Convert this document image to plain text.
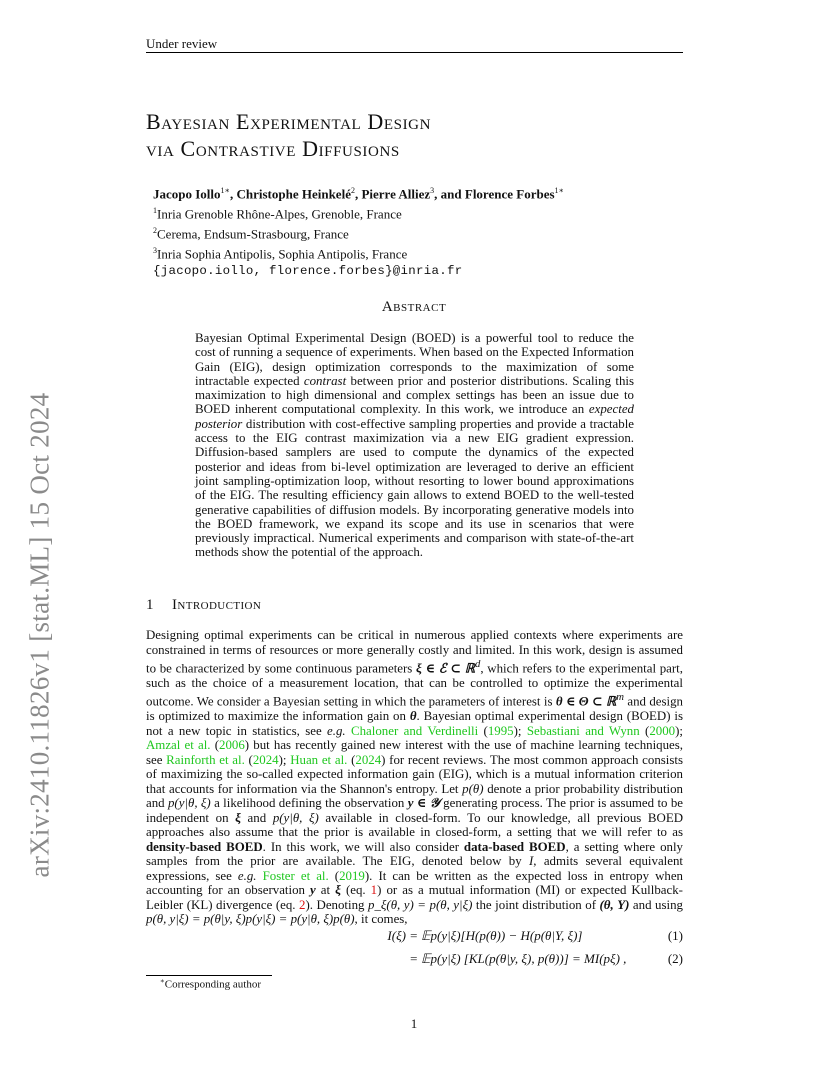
Under review
arXiv:2410.11826v1 [stat.ML] 15 Oct 2024
Bayesian Experimental Design
via Contrastive Diffusions
Jacopo Iollo$^{1∗}$, Christophe Heinkelé$^2$, Pierre Alliez$^3$, and Florence Forbes$^{1∗}$
$^1$Inria Grenoble Rhône-Alpes, Grenoble, France
$^2$Cerema, Endsum-Strasbourg, France
$^3$Inria Sophia Antipolis, Sophia Antipolis, France
{jacopo.iollo, florence.forbes}@inria.fr
Abstract
Bayesian Optimal Experimental Design (BOED) is a powerful tool to reduce the cost of running a sequence of experiments. When based on the Expected Information Gain (EIG), design optimization corresponds to the maximization of some intractable expected contrast between prior and posterior distributions. Scaling this maximization to high dimensional and complex settings has been an issue due to BOED inherent computational complexity. In this work, we introduce an expected posterior distribution with cost-effective sampling properties and provide a tractable access to the EIG contrast maximization via a new EIG gradient expression. Diffusion-based samplers are used to compute the dynamics of the expected posterior and ideas from bi-level optimization are leveraged to derive an efficient joint sampling-optimization loop, without resorting to lower bound approximations of the EIG. The resulting efficiency gain allows to extend BOED to the well-tested generative capabilities of diffusion models. By incorporating generative models into the BOED framework, we expand its scope and its use in scenarios that were previously impractical. Numerical experiments and comparison with state-of-the-art methods show the potential of the approach.
1 Introduction
Designing optimal experiments can be critical in numerous applied contexts where experiments are constrained in terms of resources or more generally costly and limited. In this work, design is assumed to be characterized by some continuous parameters ξ ∈ ℰ ⊂ ℝ$^d$, which refers to the experimental part, such as the choice of a measurement location, that can be controlled to optimize the experimental outcome. We consider a Bayesian setting in which the parameters of interest is θ ∈ Θ ⊂ ℝ$^m$ and design is optimized to maximize the information gain on θ. Bayesian optimal experimental design (BOED) is not a new topic in statistics, see e.g. Chaloner and Verdinelli (1995); Sebastiani and Wynn (2000); Amzal et al. (2006) but has recently gained new interest with the use of machine learning techniques, see Rainforth et al. (2024); Huan et al. (2024) for recent reviews. The most common approach consists of maximizing the so-called expected information gain (EIG), which is a mutual information criterion that accounts for information via the Shannon's entropy. Let p(θ) denote a prior probability distribution and p(y|θ, ξ) a likelihood defining the observation y ∈ 𝒴 generating process. The prior is assumed to be independent on ξ and p(y|θ, ξ) available in closed-form. To our knowledge, all previous BOED approaches also assume that the prior is available in closed-form, a setting that we will refer to as density-based BOED. In this work, we will also consider data-based BOED, a setting where only samples from the prior are available. The EIG, denoted below by I, admits several equivalent expressions, see e.g. Foster et al. (2019). It can be written as the expected loss in entropy when accounting for an observation y at ξ (eq. 1) or as a mutual information (MI) or expected Kullback-Leibler (KL) divergence (eq. 2). Denoting p_ξ(θ, y) = p(θ, y|ξ) the joint distribution of (θ, Y) and using p(θ, y|ξ) = p(θ|y, ξ)p(y|ξ) = p(y|θ, ξ)p(θ), it comes,
I(ξ) = 𝔼p(y|ξ)[H(p(θ)) − H(p(θ|Y, ξ)]	(1)
= 𝔼p(y|ξ) [KL(p(θ|y, ξ), p(θ))] = MI(pξ) ,	(2)
∗Corresponding author
1
